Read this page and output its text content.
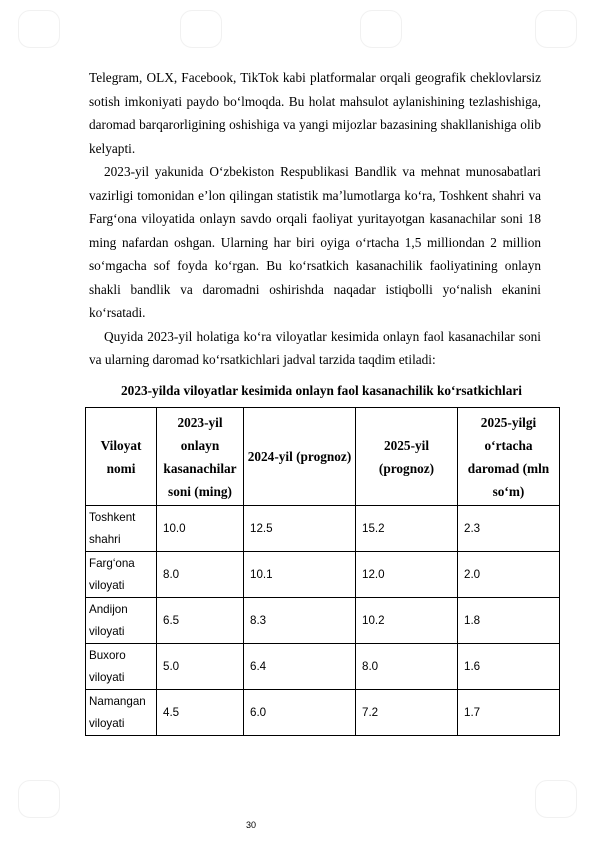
Telegram, OLX, Facebook, TikTok kabi platformalar orqali geografik cheklovlarsiz sotish imkoniyati paydo bo‘lmoqda. Bu holat mahsulot aylanishining tezlashishiga, daromad barqarorligining oshishiga va yangi mijozlar bazasining shakllanishiga olib kelyapti.

2023-yil yakunida O‘zbekiston Respublikasi Bandlik va mehnat munosabatlari vazirligi tomonidan e’lon qilingan statistik ma’lumotlarga ko‘ra, Toshkent shahri va Farg‘ona viloyatida onlayn savdo orqali faoliyat yuritayotgan kasanachilar soni 18 ming nafardan oshgan. Ularning har biri oyiga o‘rtacha 1,5 milliondan 2 million so‘mgacha sof foyda ko‘rgan. Bu ko‘rsatkich kasanachilik faoliyatining onlayn shakli bandlik va daromadni oshirishda naqadar istiqbolli yo‘nalish ekanini ko‘rsatadi.

Quyida 2023-yil holatiga ko‘ra viloyatlar kesimida onlayn faol kasanachilar soni va ularning daromad ko‘rsatkichlari jadval tarzida taqdim etiladi:

2023-yilda viloyatlar kesimida onlayn faol kasanachilik ko‘rsatkichlari
Viloyat nomi	2023-yil onlayn kasanachilar soni (ming)	2024-yil (prognoz)	2025-yil (prognoz)	2025-yilgi o‘rtacha daromad (mln so‘m)
Toshkent shahri	10.0	12.5	15.2	2.3
Farg‘ona viloyati	8.0	10.1	12.0	2.0
Andijon viloyati	6.5	8.3	10.2	1.8
Buxoro viloyati	5.0	6.4	8.0	1.6
Namangan viloyati	4.5	6.0	7.2	1.7
30
